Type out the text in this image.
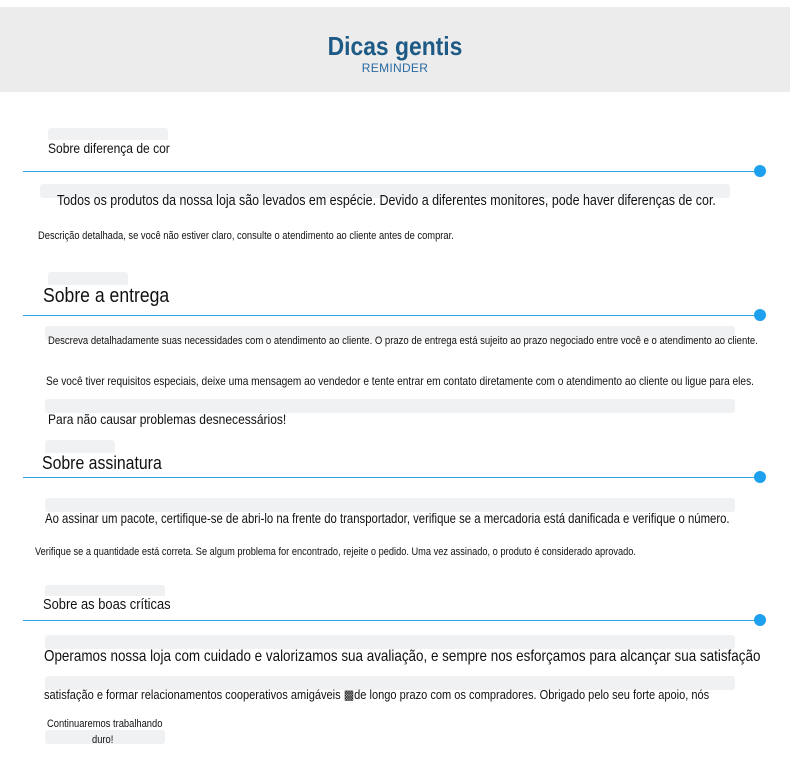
Dicas gentis
REMINDER
Sobre diferença de cor
Todos os produtos da nossa loja são levados em espécie. Devido a diferentes monitores, pode haver diferenças de cor.
Descrição detalhada, se você não estiver claro, consulte o atendimento ao cliente antes de comprar.
Sobre a entrega
Descreva detalhadamente suas necessidades com o atendimento ao cliente. O prazo de entrega está sujeito ao prazo negociado entre você e o atendimento ao cliente.
Se você tiver requisitos especiais, deixe uma mensagem ao vendedor e tente entrar em contato diretamente com o atendimento ao cliente ou ligue para eles.
Para não causar problemas desnecessários!
Sobre assinatura
Ao assinar um pacote, certifique-se de abri-lo na frente do transportador, verifique se a mercadoria está danificada e verifique o número.
Verifique se a quantidade está correta. Se algum problema for encontrado, rejeite o pedido. Uma vez assinado, o produto é considerado aprovado.
Sobre as boas críticas
Operamos nossa loja com cuidado e valorizamos sua avaliação, e sempre nos esforçamos para alcançar sua satisfação
satisfação e formar relacionamentos cooperativos amigáveis ▩de longo prazo com os compradores. Obrigado pelo seu forte apoio, nós
Continuaremos trabalhando
duro!
